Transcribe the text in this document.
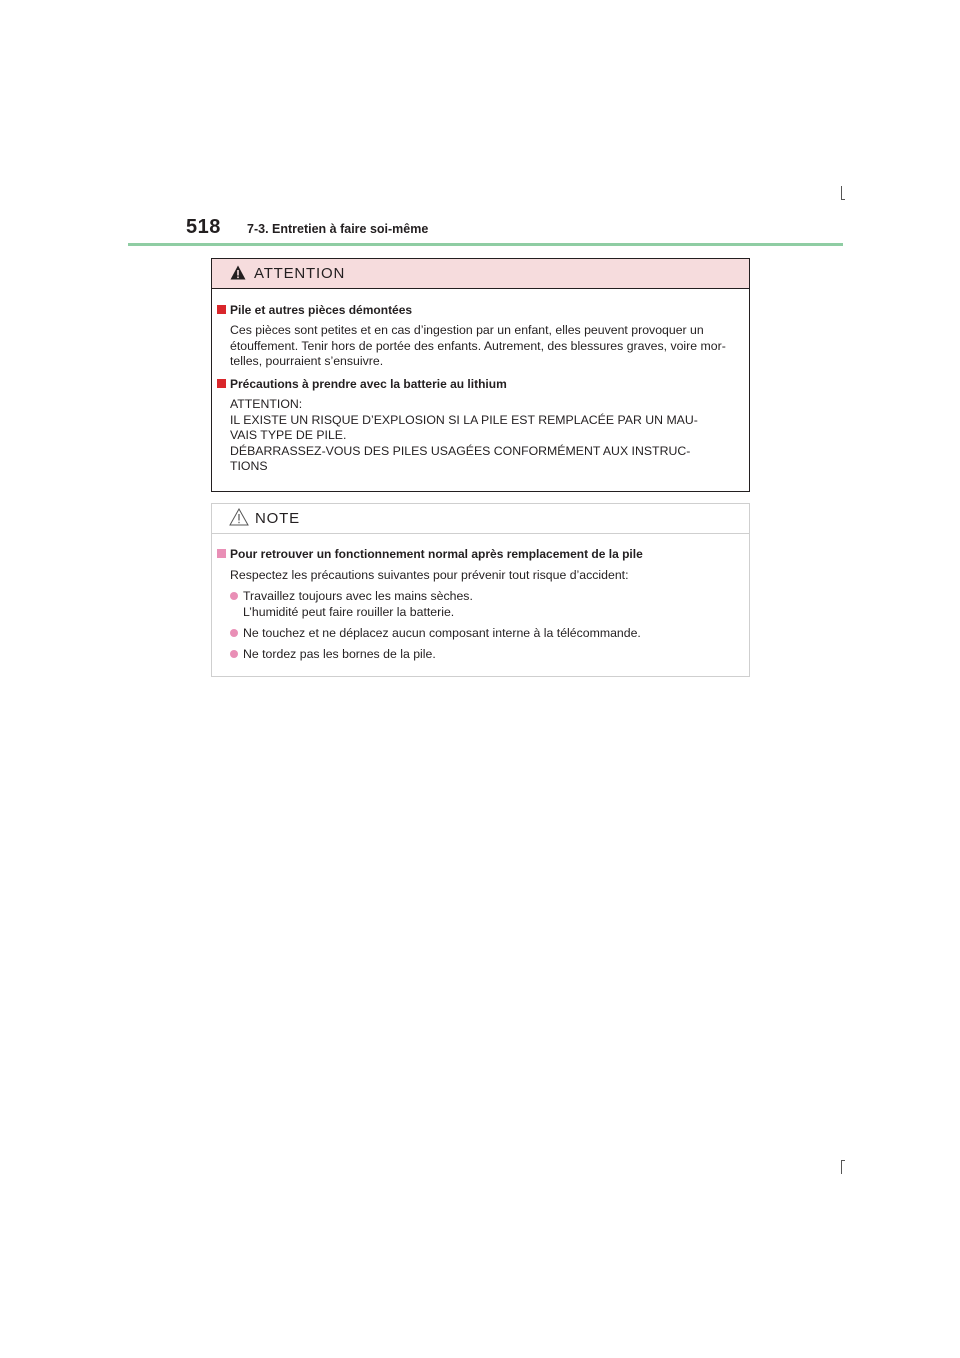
518 7-3. Entretien à faire soi-même
ATTENTION
Pile et autres pièces démontées
Ces pièces sont petites et en cas d’ingestion par un enfant, elles peuvent provoquer un
étouffement. Tenir hors de portée des enfants. Autrement, des blessures graves, voire mor-
telles, pourraient s’ensuivre.
Précautions à prendre avec la batterie au lithium
ATTENTION:
IL EXISTE UN RISQUE D’EXPLOSION SI LA PILE EST REMPLACÉE PAR UN MAU-
VAIS TYPE DE PILE.
DÉBARRASSEZ-VOUS DES PILES USAGÉES CONFORMÉMENT AUX INSTRUC-
TIONS
NOTE
Pour retrouver un fonctionnement normal après remplacement de la pile
Respectez les précautions suivantes pour prévenir tout risque d’accident:
Travaillez toujours avec les mains sèches.
L’humidité peut faire rouiller la batterie.
Ne touchez et ne déplacez aucun composant interne à la télécommande.
Ne tordez pas les bornes de la pile.
